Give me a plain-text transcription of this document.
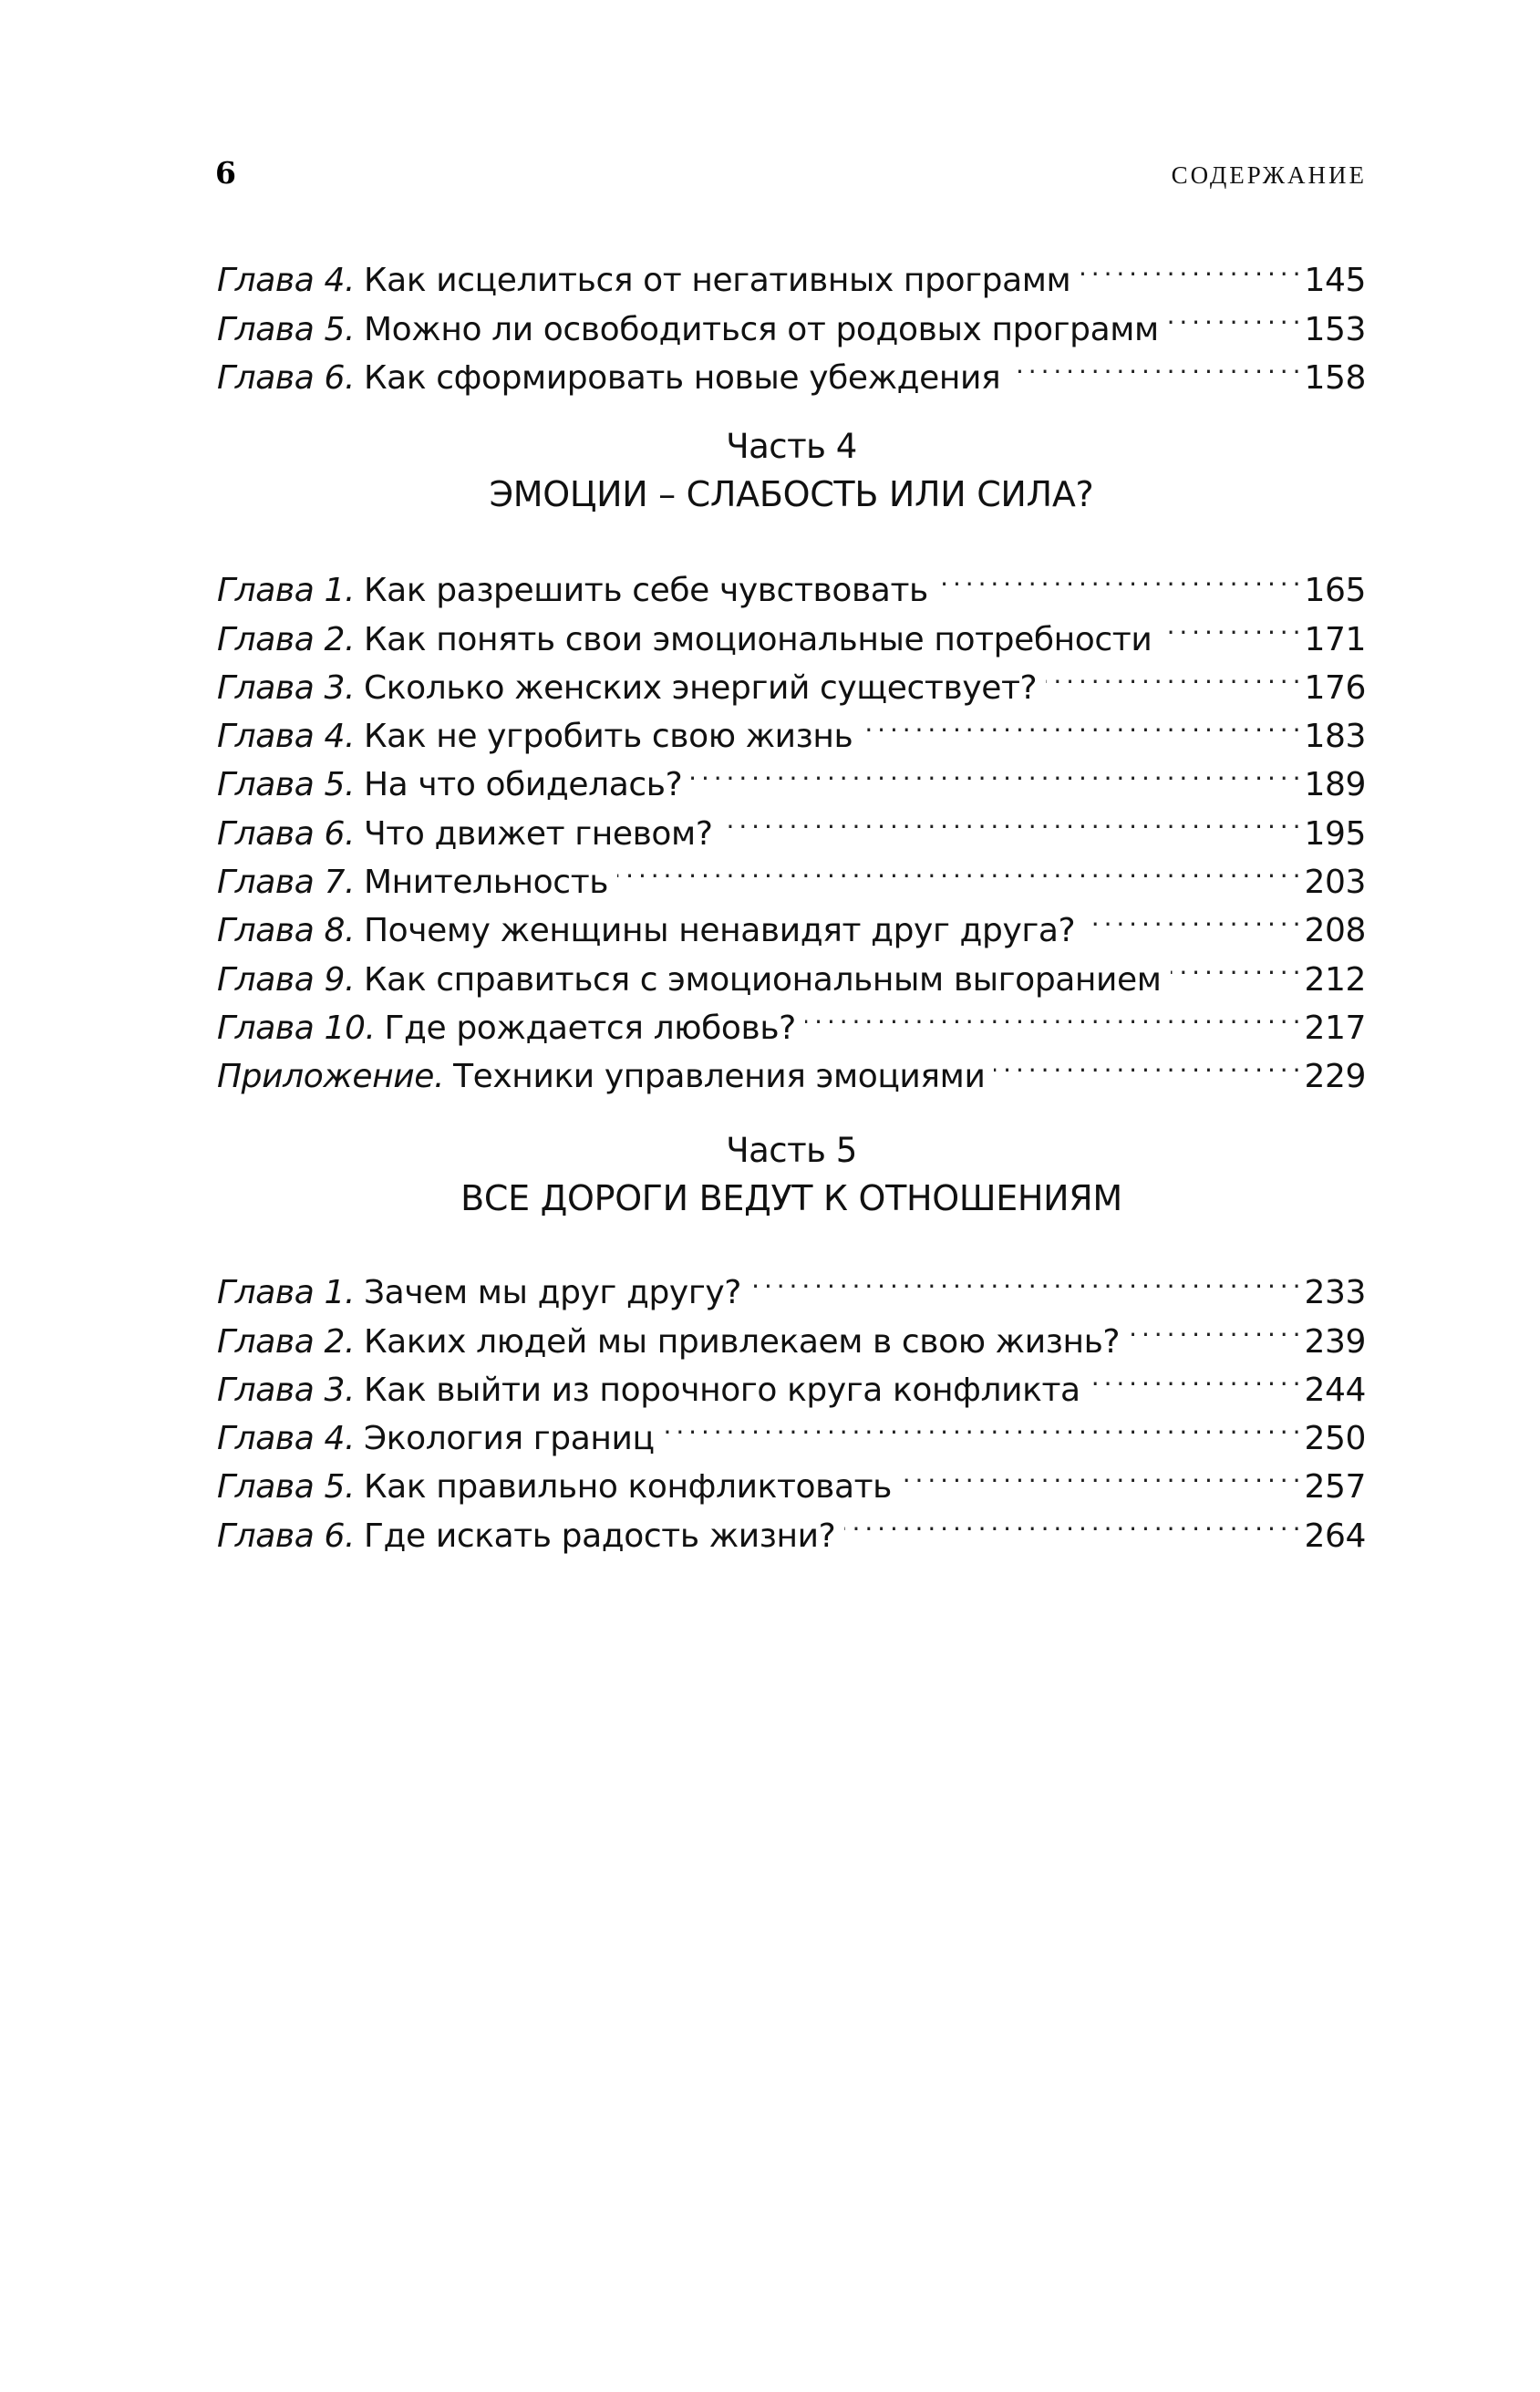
6	СОДЕРЖАНИЕ
Глава 4. Как исцелиться от негативных программ . . .	145
Глава 5. Можно ли освободиться от родовых программ . . .	153
Глава 6. Как сформировать новые убеждения . . .	158
Часть 4
ЭМОЦИИ – СЛАБОСТЬ ИЛИ СИЛА?
Глава 1. Как разрешить себе чувствовать . . .	165
Глава 2. Как понять свои эмоциональные потребности . . .	171
Глава 3. Сколько женских энергий существует? . . .	176
Глава 4. Как не угробить свою жизнь . . .	183
Глава 5. На что обиделась? . . .	189
Глава 6. Что движет гневом? . . .	195
Глава 7. Мнительность . . .	203
Глава 8. Почему женщины ненавидят друг друга? . . .	208
Глава 9. Как справиться с эмоциональным выгоранием . . .	212
Глава 10. Где рождается любовь? . . .	217
Приложение. Техники управления эмоциями . . .	229
Часть 5
ВСЕ ДОРОГИ ВЕДУТ К ОТНОШЕНИЯМ
Глава 1. Зачем мы друг другу? . . .	233
Глава 2. Каких людей мы привлекаем в свою жизнь? . . .	239
Глава 3. Как выйти из порочного круга конфликта . . .	244
Глава 4. Экология границ . . .	250
Глава 5. Как правильно конфликтовать . . .	257
Глава 6. Где искать радость жизни? . . .	264
